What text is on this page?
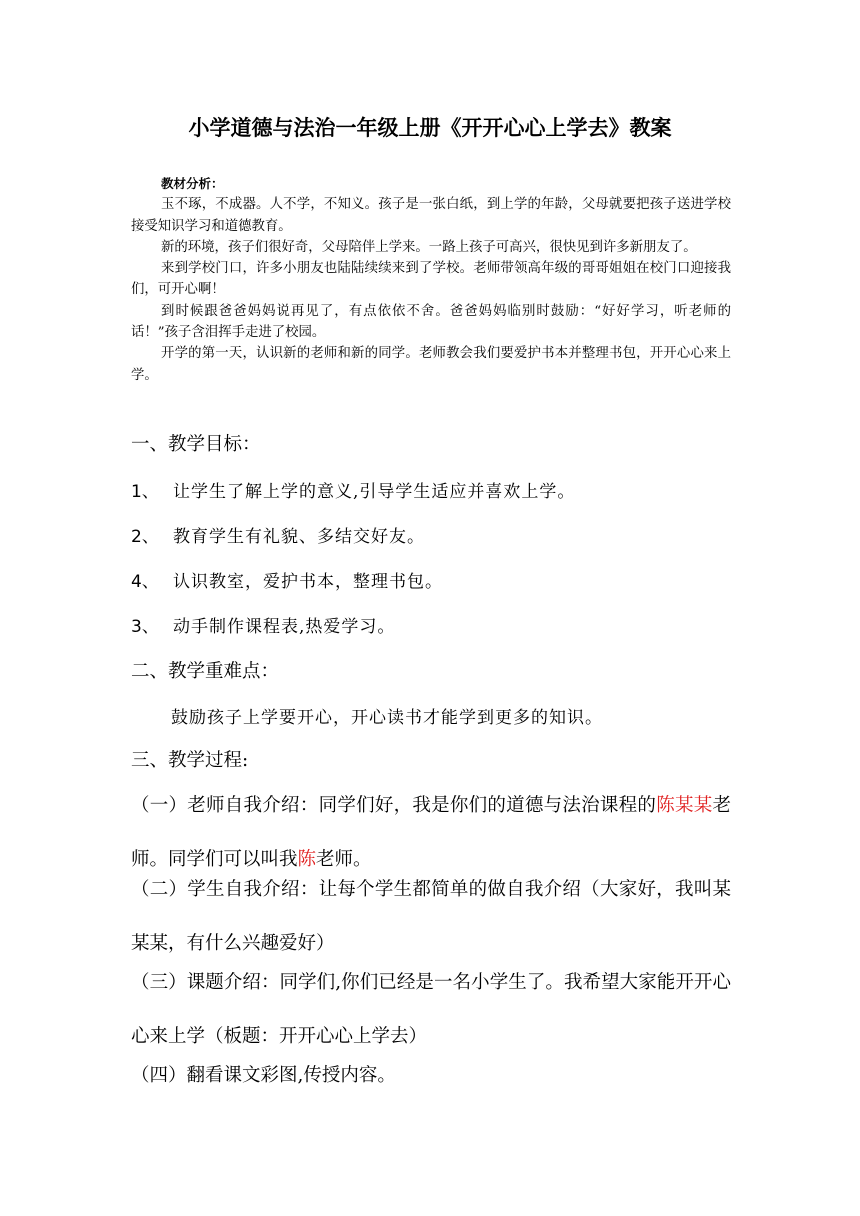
小学道德与法治一年级上册《开开心心上学去》教案
教材分析：

玉不琢，不成器。人不学，不知义。孩子是一张白纸，到上学的年龄，父母就要把孩子送进学校接受知识学习和道德教育。

新的环境，孩子们很好奇，父母陪伴上学来。一路上孩子可高兴，很快见到许多新朋友了。

来到学校门口，许多小朋友也陆陆续续来到了学校。老师带领高年级的哥哥姐姐在校门口迎接我们，可开心啊！

到时候跟爸爸妈妈说再见了，有点依依不舍。爸爸妈妈临别时鼓励：“好好学习，听老师的话！”孩子含泪挥手走进了校园。

开学的第一天，认识新的老师和新的同学。老师教会我们要爱护书本并整理书包，开开心心来上学。

一、教学目标：
1、 让学生了解上学的意义,引导学生适应并喜欢上学。
2、 教育学生有礼貌、多结交好友。
4、 认识教室，爱护书本，整理书包。
3、 动手制作课程表,热爱学习。
二、教学重难点：
鼓励孩子上学要开心，开心读书才能学到更多的知识。
三、教学过程:
（一）老师自我介绍：同学们好，我是你们的道德与法治课程的陈某某老师。同学们可以叫我陈老师。
（二）学生自我介绍：让每个学生都简单的做自我介绍（大家好，我叫某某某，有什么兴趣爱好）
（三）课题介绍：同学们,你们已经是一名小学生了。我希望大家能开开心心来上学（板题：开开心心上学去）
（四）翻看课文彩图,传授内容。
